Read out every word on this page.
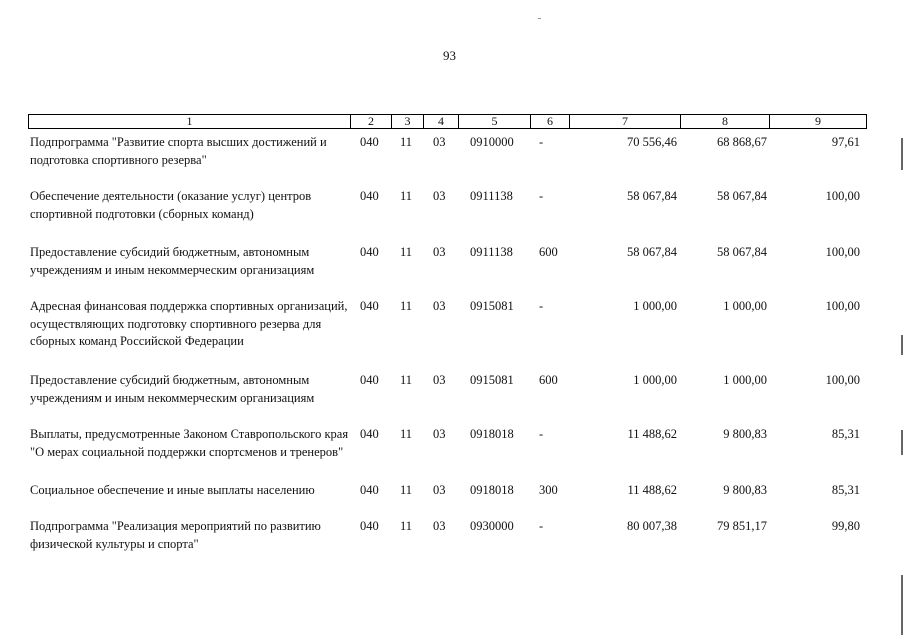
93
1	2	3	4	5	6	7	8	9
Подпрограмма "Развитие спорта высших достижений и подготовка спортивного резерва"
040 11 03 0910000 -	70 556,46	68 868,67	97,61
Обеспечение деятельности (оказание услуг) центров спортивной подготовки (сборных команд)
040 11 03 0911138 -	58 067,84	58 067,84	100,00
Предоставление субсидий бюджетным, автономным учреждениям и иным некоммерческим организациям
040 11 03 0911138 600	58 067,84	58 067,84	100,00
Адресная финансовая поддержка спортивных организаций, осуществляющих подготовку спортивного резерва для сборных команд Российской Федерации
040 11 03 0915081 -	1 000,00	1 000,00	100,00
Предоставление субсидий бюджетным, автономным учреждениям и иным некоммерческим организациям
040 11 03 0915081 600	1 000,00	1 000,00	100,00
Выплаты, предусмотренные Законом Ставропольского края "О мерах социальной поддержки спортсменов и тренеров"
040 11 03 0918018 -	11 488,62	9 800,83	85,31
Социальное обеспечение и иные выплаты населению	040 11 03 0918018 300	11 488,62	9 800,83	85,31
Подпрограмма "Реализация мероприятий по развитию физической культуры и спорта"
040 11 03 0930000 -	80 007,38	79 851,17	99,80
